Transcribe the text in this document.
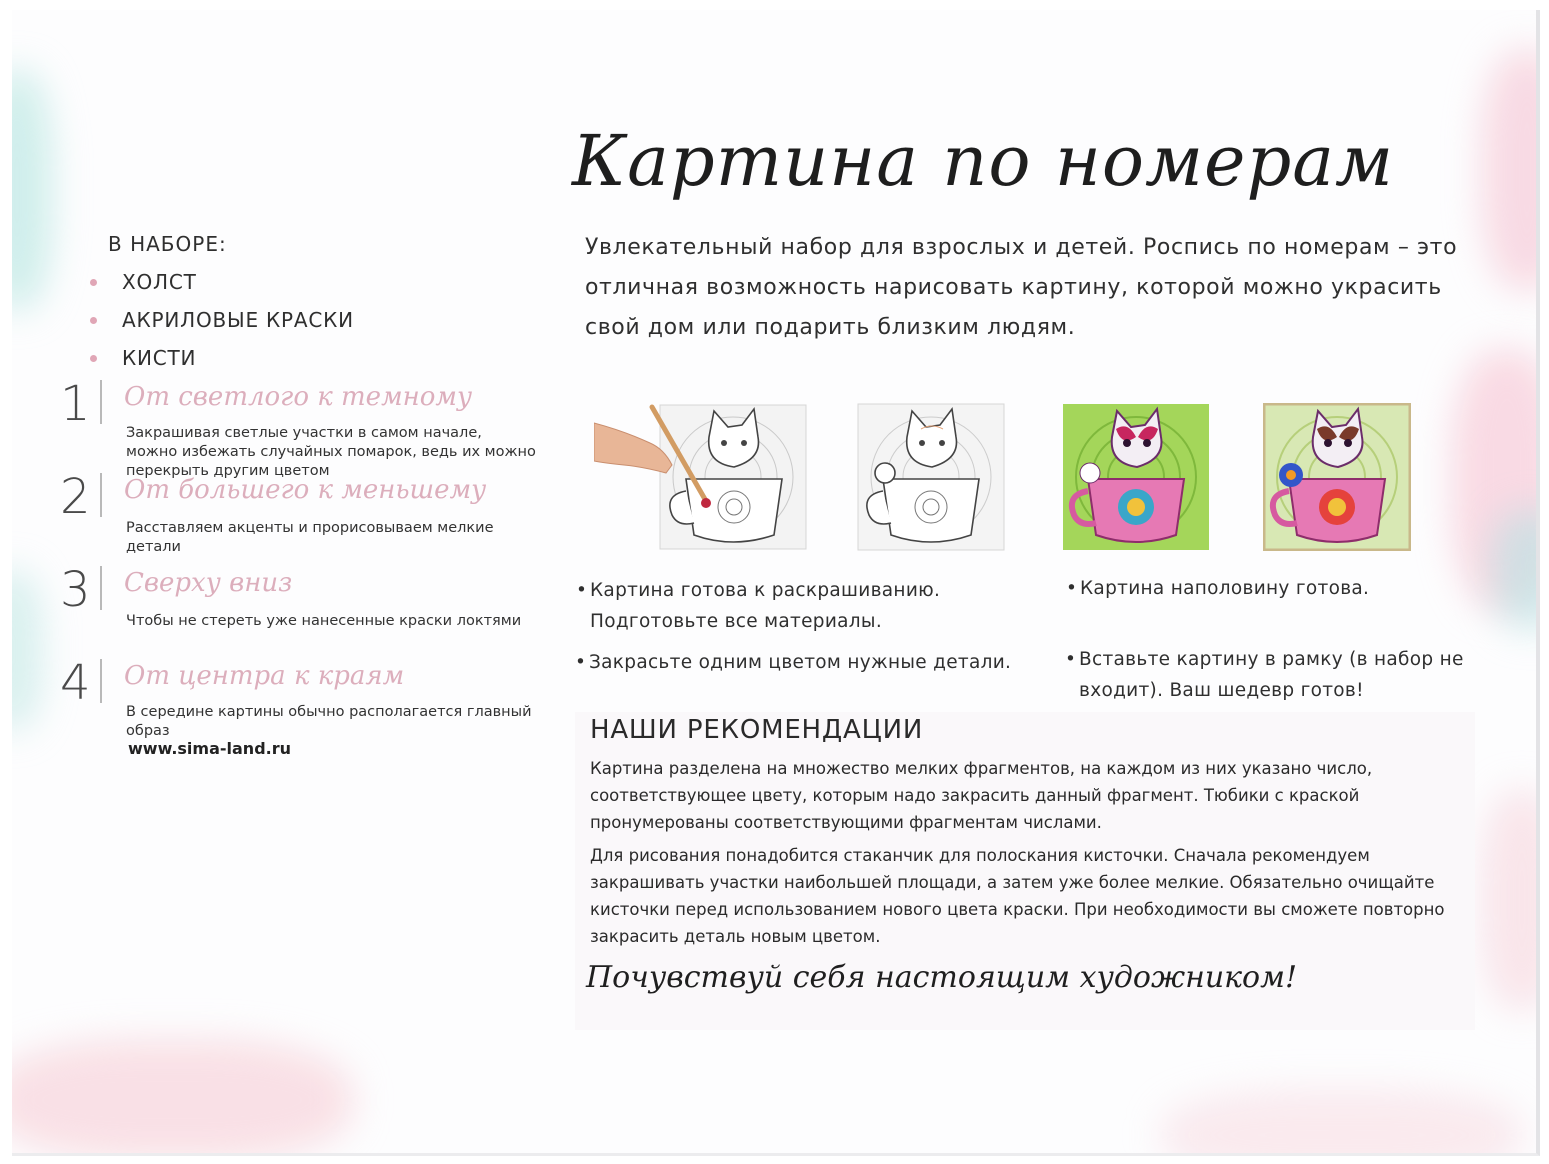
В НАБОРЕ:
ХОЛСТ
АКРИЛОВЫЕ КРАСКИ
КИСТИ
1	От светлого к темному
Закрашивая светлые участки в самом начале, можно избежать случайных помарок, ведь их можно перекрыть другим цветом
2	От большего к меньшему
Расставляем акценты и прорисовываем мелкие детали
3	Сверху вниз
Чтобы не стереть уже нанесенные краски локтями
4	От центра к краям
В середине картины обычно располагается главный образ
www.sima-land.ru
Картина по номерам
Увлекательный набор для взрослых и детей. Роспись по номерам – это отличная возможность нарисовать картину, которой можно украсить свой дом или подарить близким людям.
• Картина готова к раскрашиванию. Подготовьте все материалы.
• Картина наполовину готова.
• Закрасьте одним цветом нужные детали.	• Вставьте картину в рамку (в набор не входит). Ваш шедевр готов!
НАШИ РЕКОМЕНДАЦИИ

Картина разделена на множество мелких фрагментов, на каждом из них указано число, соответствующее цвету, которым надо закрасить данный фрагмент. Тюбики с краской пронумерованы соответствующими фрагментам числами.

Для рисования понадобится стаканчик для полоскания кисточки. Сначала рекомендуем закрашивать участки наибольшей площади, а затем уже более мелкие. Обязательно очищайте кисточки перед использованием нового цвета краски. При необходимости вы сможете повторно закрасить деталь новым цветом.

Почувствуй себя настоящим художником!
